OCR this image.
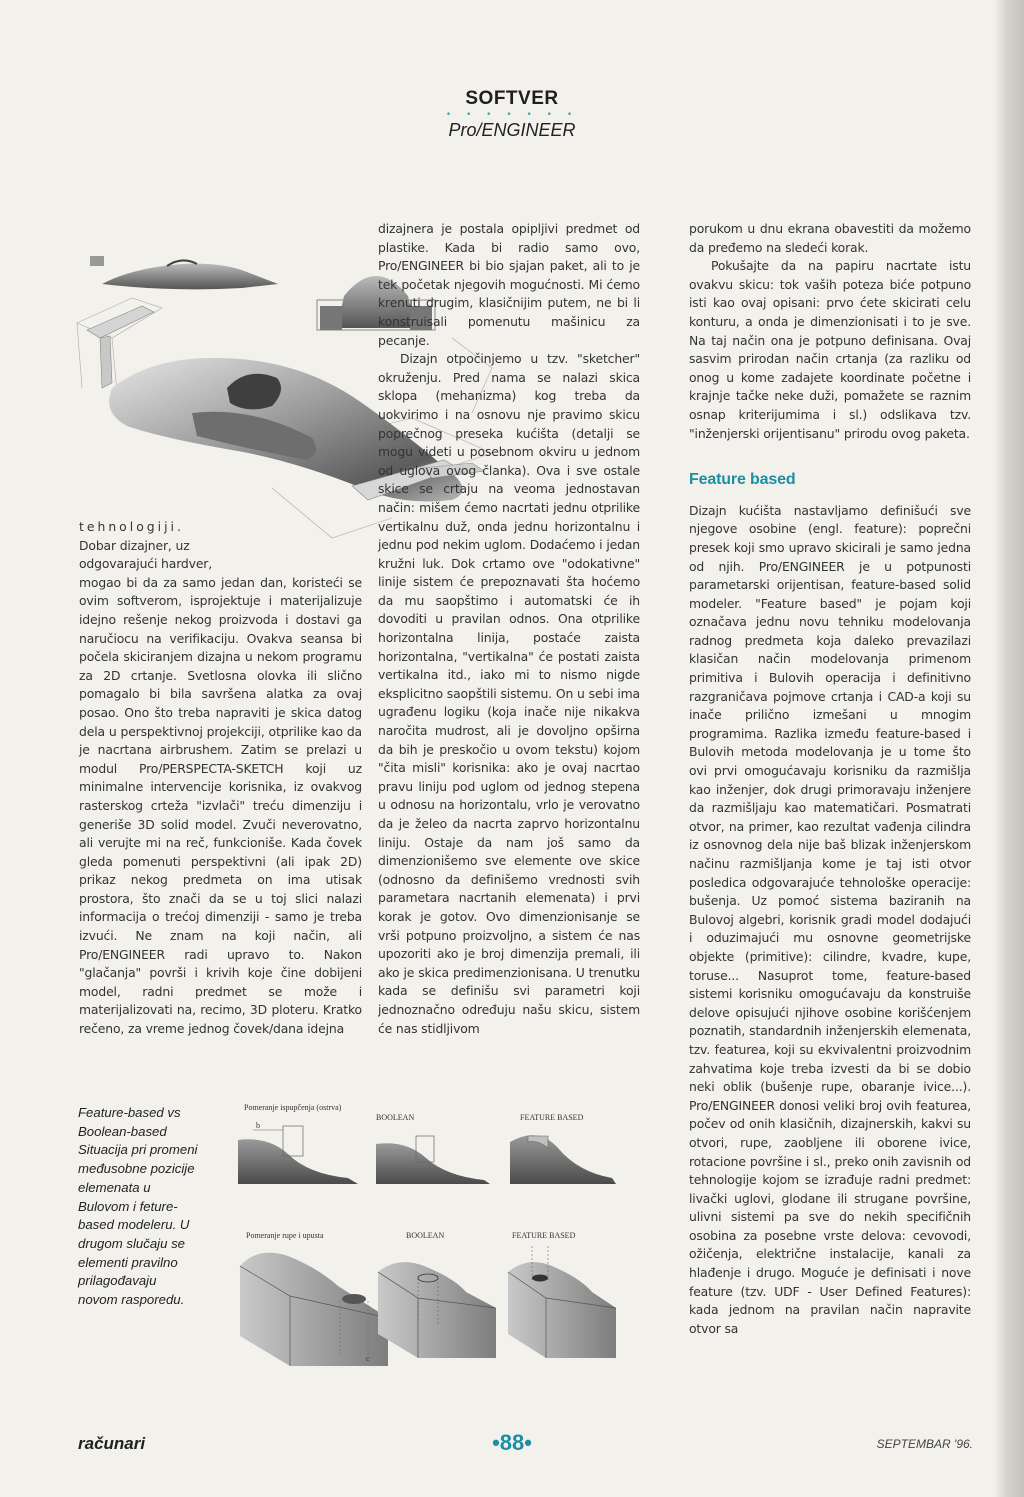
SOFTVER
• • • • • • •
Pro/ENGINEER

dizajnera je postala opipljivi predmet od plastike. Kada bi radio samo ovo, Pro/ENGINEER bi bio sjajan paket, ali to je tek početak njegovih mogućnosti. Mi ćemo krenuti drugim, klasičnijim putem, ne bi li konstruisali pomenutu mašinicu za pecanje.

Dizajn otpočinjemo u tzv. "sketcher" okruženju. Pred nama se nalazi skica sklopa (mehanizma) kog treba da uokvirimo i na osnovu nje pravimo skicu poprečnog preseka kućišta (detalji se mogu videti u posebnom okviru u jednom od uglova ovog članka). Ova i sve ostale skice se crtaju na veoma jednostavan način: mišem ćemo nacrtati jednu otprilike vertikalnu duž, onda jednu horizontalnu i jednu pod nekim uglom. Dodaćemo i jedan kružni luk. Dok crtamo ove "odokativne" linije sistem će prepoznavati šta hoćemo da mu saopštimo i automatski će ih dovoditi u pravilan odnos. Ona otprilike horizontalna linija, postaće zaista horizontalna, "vertikalna" će postati zaista vertikalna itd., iako mi to nismo nigde eksplicitno saopštili sistemu. On u sebi ima ugrađenu logiku (koja inače nije nikakva naročita mudrost, ali je dovoljno opširna da bih je preskočio u ovom tekstu) kojom "čita misli" korisnika: ako je ovaj nacrtao pravu liniju pod uglom od jednog stepena u odnosu na horizontalu, vrlo je verovatno da je želeo da nacrta zaprvo horizontalnu liniju. Ostaje da nam još samo da dimenzionišemo sve elemente ove skice (odnosno da definišemo vrednosti svih parametara nacrtanih elemenata) i prvi korak je gotov. Ovo dimenzionisanje se vrši potpuno proizvoljno, a sistem će nas upozoriti ako je broj dimenzija premali, ili ako je skica predimenzionisana. U trenutku kada se definišu svi parametri koji jednoznačno određuju našu skicu, sistem će nas stidljivom

porukom u dnu ekrana obavestiti da možemo da pređemo na sledeći korak.

Pokušajte da na papiru nacrtate istu ovakvu skicu: tok vaših poteza biće potpuno isti kao ovaj opisani: prvo ćete skicirati celu konturu, a onda je dimenzionisati i to je sve. Na taj način ona je potpuno definisana. Ovaj sasvim prirodan način crtanja (za razliku od onog u kome zadajete koordinate početne i krajnje tačke neke duži, pomažete se raznim osnap kriterijumima i sl.) odslikava tzv. "inženjerski orijentisanu" prirodu ovog paketa.

Feature based

Dizajn kućišta nastavljamo definišući sve njegove osobine (engl. feature): poprečni presek koji smo upravo skicirali je samo jedna od njih. Pro/ENGINEER je u potpunosti parametarski orijentisan, feature-based solid modeler. "Feature based" je pojam koji označava jednu novu tehniku modelovanja radnog predmeta koja daleko prevazilazi klasičan način modelovanja primenom primitiva i Bulovih operacija i definitivno razgraničava pojmove crtanja i CAD-a koji su inače prilično izmešani u mnogim programima. Razlika između feature-based i Bulovih metoda modelovanja je u tome što ovi prvi omogućavaju korisniku da razmišlja kao inženjer, dok drugi primoravaju inženjere da razmišljaju kao matematičari. Posmatrati otvor, na primer, kao rezultat vađenja cilindra iz osnovnog dela nije baš blizak inženjerskom načinu razmišljanja kome je taj isti otvor posledica odgovarajuće tehnološke operacije: bušenja. Uz pomoć sistema baziranih na Bulovoj algebri, korisnik gradi model dodajući i oduzimajući mu osnovne geometrijske objekte (primitive): cilindre, kvadre, kupe, toruse... Nasuprot tome, feature-based sistemi korisniku omogućavaju da konstruiše delove opisujući njihove osobine korišćenjem poznatih, standardnih inženjerskih elemenata, tzv. featurea, koji su ekvivalentni proizvodnim zahvatima koje treba izvesti da bi se dobio neki oblik (bušenje rupe, obaranje ivice...). Pro/ENGINEER donosi veliki broj ovih featurea, počev od onih klasičnih, dizajnerskih, kakvi su otvori, rupe, zaobljene ili oborene ivice, rotacione površine i sl., preko onih zavisnih od tehnologije kojom se izrađuje radni predmet: livački uglovi, glodane ili strugane površine, ulivni sistemi pa sve do nekih specifičnih osobina za posebne vrste delova: cevovodi, ožičenja, električne instalacije, kanali za hlađenje i drugo. Moguće je definisati i nove feature (tzv. UDF - User Defined Features): kada jednom na pravilan način napravite otvor sa

tehnologiji.

Dobar dizajner, uz

odgovarajući hardver,

mogao bi da za samo jedan dan, koristeći se ovim softverom, isprojektuje i materijalizuje idejno rešenje nekog proizvoda i dostavi ga naručiocu na verifikaciju. Ovakva seansa bi počela skiciranjem dizajna u nekom programu za 2D crtanje. Svetlosna olovka ili slično pomagalo bi bila savršena alatka za ovaj posao. Ono što treba napraviti je skica datog dela u perspektivnoj projekciji, otprilike kao da je nacrtana airbrushem. Zatim se prelazi u modul Pro/PERSPECTA-SKETCH koji uz minimalne intervencije korisnika, iz ovakvog rasterskog crteža "izvlači" treću dimenziju i generiše 3D solid model. Zvuči neverovatno, ali verujte mi na reč, funkcioniše. Kada čovek gleda pomenuti perspektivni (ali ipak 2D) prikaz nekog predmeta on ima utisak prostora, što znači da se u toj slici nalazi informacija o trećoj dimenziji - samo je treba izvući. Ne znam na koji način, ali Pro/ENGINEER radi upravo to. Nakon "glačanja" površi i krivih koje čine dobijeni model, radni predmet se može i materijalizovati na, recimo, 3D ploteru. Kratko rečeno, za vreme jednog čovek/dana idejna

Feature-based vs Boolean-based Situacija pri promeni međusobne pozicije elemenata u Bulovom i feture-based modeleru. U drugom slučaju se elementi pravilno prilagođavaju novom rasporedu.
Pomeranje ispupčenja (ostrva)
BOOLEAN	FEATURE BASED
b
Pomeranje rupe i upusta	BOOLEAN	FEATURE BASED
c
računari	•88•	SEPTEMBAR '96.
